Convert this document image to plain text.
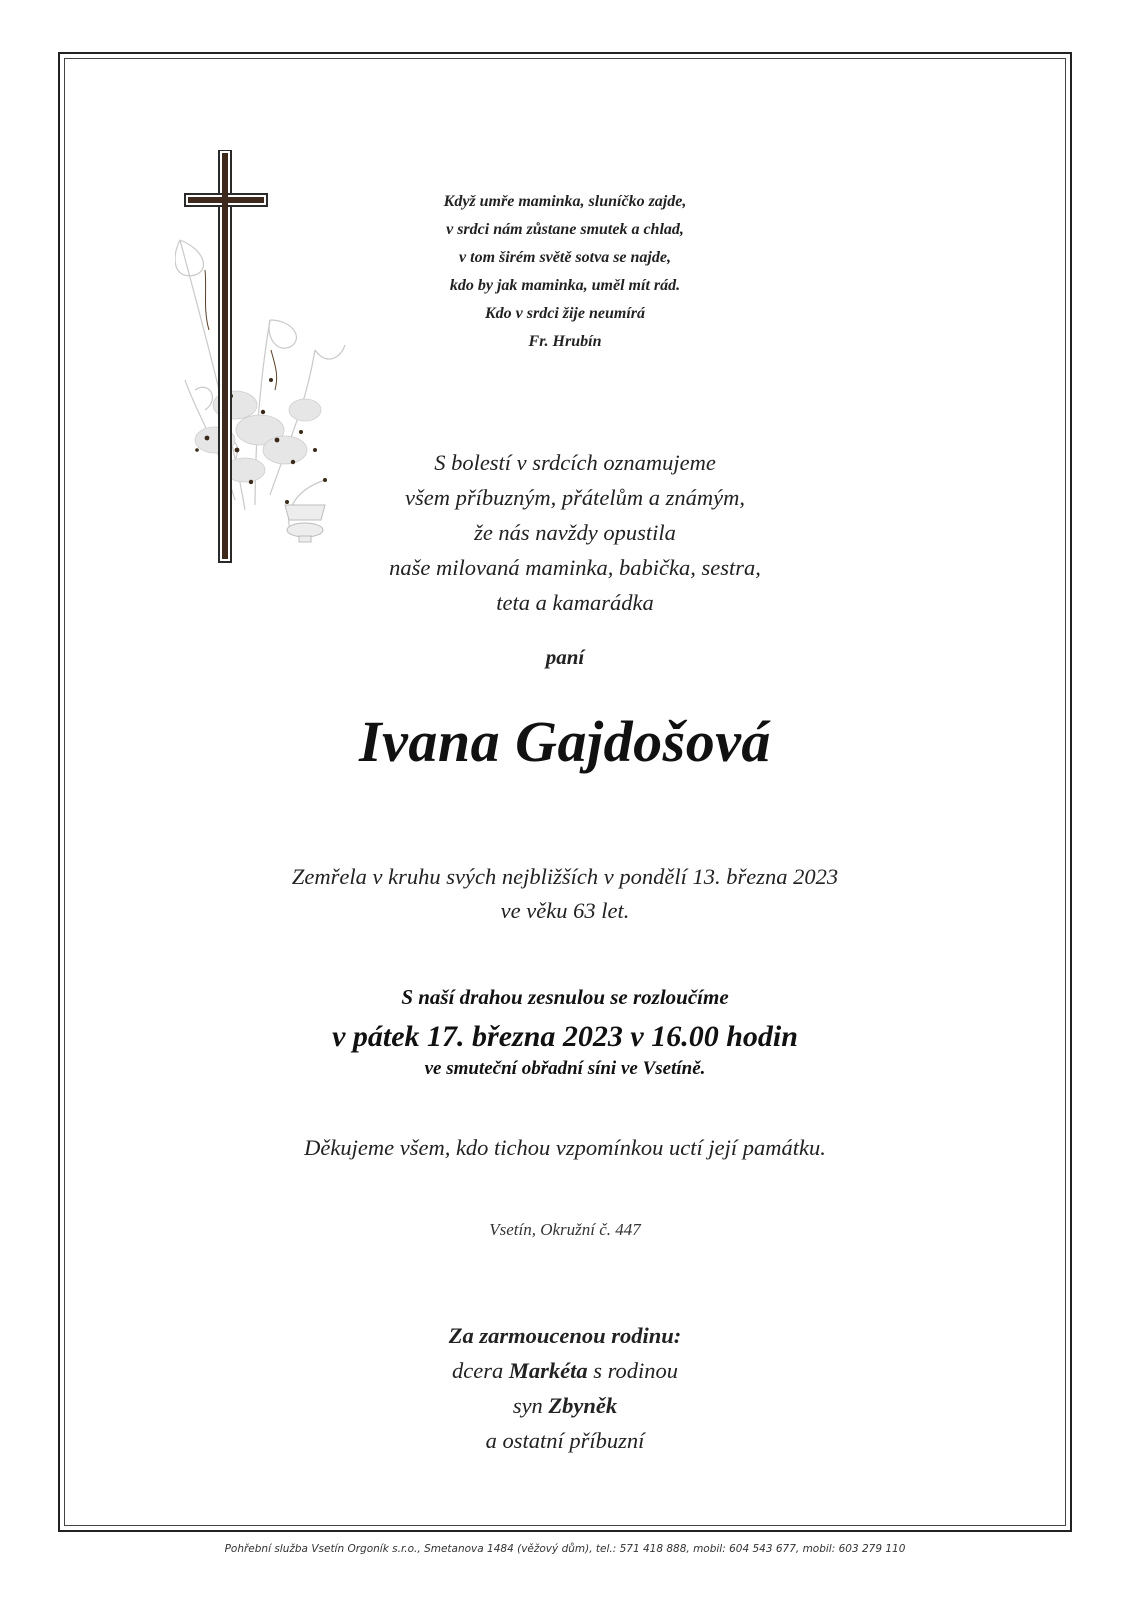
Když umře maminka, sluníčko zajde,
v srdci nám zůstane smutek a chlad,
v tom širém světě sotva se najde,
kdo by jak maminka, uměl mít rád.
Kdo v srdci žije neumírá
Fr. Hrubín
S bolestí v srdcích oznamujeme
všem příbuzným, přátelům a známým,
že nás navždy opustila
naše milovaná maminka, babička, sestra,
teta a kamarádka
paní
Ivana Gajdošová
Zemřela v kruhu svých nejbližších v pondělí 13. března 2023
ve věku 63 let.
S naší drahou zesnulou se rozloučíme
v pátek 17. března 2023 v 16.00 hodin
ve smuteční obřadní síni ve Vsetíně.
Děkujeme všem, kdo tichou vzpomínkou uctí její památku.
Vsetín, Okružní č. 447
Za zarmoucenou rodinu:
dcera Markéta s rodinou
syn Zbyněk
a ostatní příbuzní
Pohřební služba Vsetín Orgoník s.r.o., Smetanova 1484 (věžový dům), tel.: 571 418 888, mobil: 604 543 677, mobil: 603 279 110
